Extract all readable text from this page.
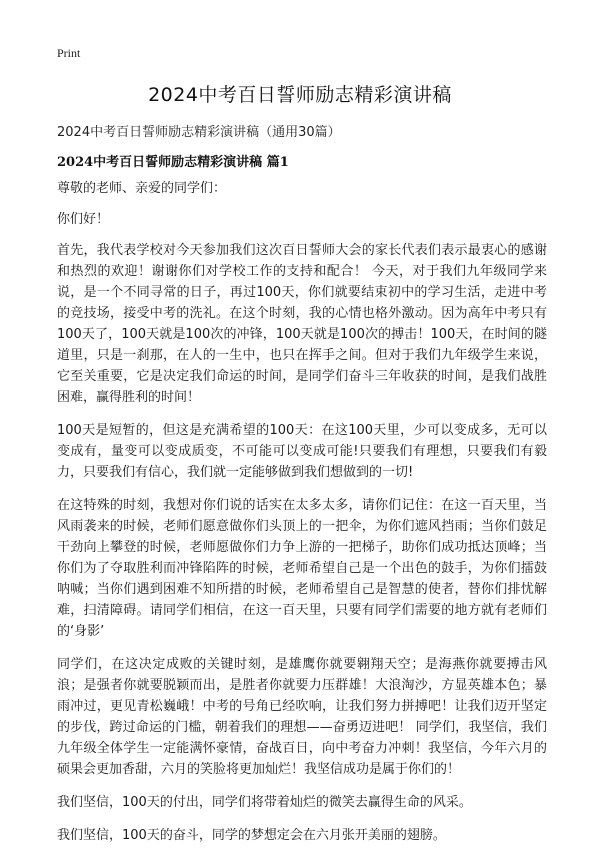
Print
2024中考百日誓师励志精彩演讲稿
2024中考百日誓师励志精彩演讲稿（通用30篇）
2024中考百日誓师励志精彩演讲稿 篇1

尊敬的老师、亲爱的同学们：

你们好！

首先，我代表学校对今天参加我们这次百日誓师大会的家长代表们表示最衷心的感谢和热烈的欢迎！谢谢你们对学校工作的支持和配合！ 今天，对于我们九年级同学来说，是一个不同寻常的日子，再过100天，你们就要结束初中的学习生活，走进中考的竞技场，接受中考的洗礼。在这个时刻，我的心情也格外激动。因为高年中考只有100天了，100天就是100次的冲锋，100天就是100次的搏击！100天，在时间的隧道里，只是一刹那，在人的一生中，也只在挥手之间。但对于我们九年级学生来说，它至关重要，它是决定我们命运的时间，是同学们奋斗三年收获的时间，是我们战胜困难，赢得胜利的时间！

100天是短暂的，但这是充满希望的100天：在这100天里，少可以变成多，无可以变成有，量变可以变成质变，不可能可以变成可能!只要我们有理想，只要我们有毅力，只要我们有信心，我们就一定能够做到我们想做到的一切!

在这特殊的时刻，我想对你们说的话实在太多太多，请你们记住：在这一百天里，当风雨袭来的时候，老师们愿意做你们头顶上的一把伞，为你们遮风挡雨；当你们鼓足干劲向上攀登的时候，老师愿做你们力争上游的一把梯子，助你们成功抵达顶峰；当你们为了夺取胜利而冲锋陷阵的时候，老师希望自己是一个出色的鼓手，为你们擂鼓呐喊；当你们遇到困难不知所措的时候，老师希望自己是智慧的使者，替你们排忧解难，扫清障碍。请同学们相信，在这一百天里，只要有同学们需要的地方就有老师们的‘身影’

同学们，在这决定成败的关键时刻，是雄鹰你就要翱翔天空；是海燕你就要搏击风浪；是强者你就要脱颖而出，是胜者你就要力压群雄！大浪淘沙，方显英雄本色；暴雨冲过，更见青松巍峨！中考的号角已经吹响，让我们努力拼搏吧！让我们迈开坚定的步伐，跨过命运的门槛，朝着我们的理想——奋勇迈进吧！ 同学们，我坚信，我们九年级全体学生一定能满怀豪情，奋战百日，向中考奋力冲刺！我坚信，今年六月的硕果会更加香甜，六月的笑脸将更加灿烂！我坚信成功是属于你们的！

我们坚信，100天的付出，同学们将带着灿烂的微笑去赢得生命的风采。

我们坚信，100天的奋斗，同学的梦想定会在六月张开美丽的翅膀。
